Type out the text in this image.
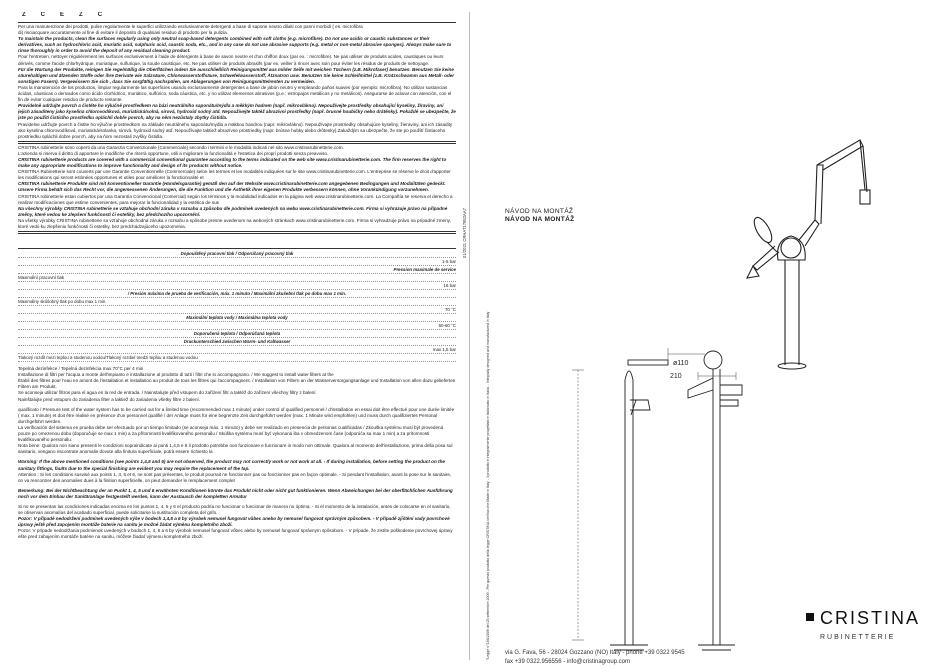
Z C E Z C

Per una manutenzione dei prodotti, pulire regolarmente le superfici utilizzando esclusivamente detergenti a base di sapone neutro diluiti con panni morbidi ( es. microfibra

di) risciacquare accuratamente al fine di evitare il deposito di qualsiasi residuo di prodotto per la pulizia.

To maintain the products, clean the surfaces regularly using only neutral soap-based detergents combined with soft cloths (e.g. microfibre). Do not use acidic or caustic substances or their derivatives, such as hydrochloric acid, muriatic acid, sulphuric acid, caustic soda, etc., and in any case do not use abrasive supports (e.g. metal or non-metal abrasive sponges). Always make sure to rinse thoroughly in order to avoid the deposit of any residual cleaning product.

Pour l'entretien, nettoyer régulièrement les surfaces exclusivement à l'aide de détergents à base de savon neutre et d'un chiffon doux (par ex. : microfibre). Ne pas utiliser de produits acides, caustiques ou leurs dérivés, comme l'acide chlorhydrique, muriatique, sulfurique, la soude caustique, etc. Ne pas utiliser de produits abrasifs (par ex. veiller à rincer avec soin pour éviter les résidus de produits de nettoyage.

Für die Wartung der Produkte, reinigen Sie regelmäßig die Oberflächen indem Sie ausschließlich Reinigungsmittel aus milder Seife mit weichen Tüchern (z.B. Mikrofaser) benutzen. Benutzen Sie keine säurehaltigen und ätzenden Stoffe oder ihre Derivate wie Salzsäure, Chlorwasserstoffsäure, Schwefelwasserstoff, Ätznatron usw. Benutzen Sie keine Schleifmittel (z.B. Kratzschwamm aus Metall- oder sonstigen Fasern). Vergewissern Sie sich , dass Sie sorgfältig nachspülen, um Ablagerungen von Reinigungsmittelresten zu vermeiden.

Para la manutención de los productos, limpiar regularmente las superficies usando exclusivamente detergentes a base de jabón neutro y empleando paños suaves (por ejemplo: microfibra). No utilizar sustancias ácidas, cáusticas o derivados como ácido clorhídrico, muriático, sulfúrico, soda cáustica, etc. y no utilizar elementos abrasivos (p.e.: estropajos metálicos y no metálicos). Asegurarse de aclarar con atención, con el fin de evitar cualquier residuo de producto restante.

Pravidelně udržujte povrch a čistěte ho výlučně prostředkem na bázi neutrálního saponátu/mýdla a měkkým hadrem (např. mikrovlákno). Nepoužívejte prostředky obsahující kyseliny, žíraviny, ani jejich zásaditeny jako kyselina chlorovodíková, muriatická/solná, sírová, hydroxid sodný atd. Nepoužívejte taktéž abrazivní prostředky (např. brusné houbičky nebo drátěnky). Pokaždé se ubezpečte, že jste po použití čisticího prostředku opláchli dobře povrch, aby na něm nezůstaly zbytky čistidla.

Pravidelne udržujte povrch a čistite ho výlučne prostriedkom na základe neutrálneho saponátu/mydla a mäkkou handrou (napr. mikrovlákno). Nepoužívajte prostriedky obsahujúce kyseliny, žieraviny, ani ich zásadity ako kyselina chlorovodíková, muriatická/solanka, sírová, hydroxid sodný atď. Nepoužívajte taktiež abrazívne prostriedky (napr. brúsne hubky alebo drôtenky).Zakaždým sa ubezpečte, že ste po použití čistiaceho prostriedku opláchli dobre povrch, aby na ňom nezostali zvyšky čistidla.

CRISTINA rubinetterie sono coperti da una Garanzia Convenzionale (Commerciale) secondo i termini e le modalità indicati nel sito www.cristinarubinetterie.com.

L'azienda si riserva il diritto di apportare le modifiche che riterrà opportune, utili a migliorare la funzionalità e l'estetica dei propri prodotti senza preavviso.

CRISTINA rubinetterie products are covered with a commercial conventional guarantee according to the terms indicated on the web site www.cristinarubinetterie.com. The firm reserves the right to make any appropriate modifications to improve functionality and design of its products without notice.

CRISTINA Rubinetterie sont couverts par une Garantie Conventionnelle (Commerciale) selon les termes et les modalités indiquées sur le site www.cristinarubinetterie.com. L'entreprise se réserve le droit d'apporter les modifications qui seront estimées opportunes et utiles pour améliorer la fonctionnalité et

CRISTINA rubinetterie Produkte sind mit konventioneller Garantie (Handelsgarantie) gemäß den auf der Website www.cristinarubinetterie.com angegebenen Bedingungen und Modalitäten gedeckt. Unsere Firma behält sich das Recht vor, die angemessenen Änderungen, die die Funktion und die Ästhetik ihrer eigenen Produkte verbessern können, ohne Vorankündigung vorzunehmen.

CRISTINA rubinetterie estan cubiertos por una Garantía Convencional (Comercial) según los términos y la modalidad indicados en la página web www.cristinarubinetterie.com. La Compañía se reserva el derecho a realizar modificaciones que estime convenientes, para mejorar la funcionalidad y la estética de sus

Na všechny výrobky CRISTINA rubinetterie se vztahuje obchodní záruka v rozsahu a způsobu dle podmínek uvedených na webu www.cristinarubinetterie.com. Firma si vyhrazuje právo na případné změny, které vedou ke zlepšení funkčnosti či estetiky, bez předchozího upozornění.

Na všetky výrobky CRISTINA rubinetterie sa vzťahuje obchodná záruka v rozsahu a spôsobe presne uvedenom na webových stránkach www.cristinarubinetterie.com. Firma si vyhradzuje právo na prípadné zmeny, ktoré vedú ku zlepšeniu funkčnosti či estetiky, bez predchádzajúceho upozornenia.

Dopouštěný pracovní tlak / Odporúčaný pracovný tlak
1-5 bar
Pression maximale de service
Maximální pracovní tlak
16 bar
/ Presión máxima de prueba de verificación, máx. 1 minuto / Maximální zkušební tlak po dobu max 1 min.
Maximálny skúšobný tlak po dobu max 1 min.
70 °C
Maximální teplota vody / Maximálna teplota vody
50-60 °C
Doporučená teplota / Odporúčaná teplota
Druckunterschied zwischen Warm- und Kaltwasser
max 1,5 bar
Tlakový rozdíl mezi teplou a studenou vodou/Tlakový rozdiel medzi teplou a studenou vodou

Tepelná dezinfekce / Tepelná dezinfekcia max 70°C per 4 min

Installazione di filtri per l'acqua a monte dell'impianto e installazione al prodotto di tutti i filtri che lo accompagnano. / We suggest to install water filters at the

Établi des filtres pour l'eau en amont de l'installation et installation au produit de tous les filtres qui l'accompagnent. / Installation von Filtern an der Wasserversorgungsanlage und Installation von allen dazu gelieferten Filtern am Produkt.

Se aconseja utilizar filtros para el agua en la red de entrada. / Nainstalujte před vstupem do zařízení filtr a taktéž do zařízení všechny filtry z balení.

Nainštalujte pred vstupom do zariadenia filter a taktiež do zariadenia všetky filtre z balení.

qualificato / Pressure test of the water system has to be carried out for a limited time (recommended max 1 minute) under control of qualified personnel / d'installation en essai doit être effectué pour une durée limitée ( max. 1 minute) et doit être réalisé en présence d'un personnel qualifié / der Anlage muss für eine begrenzte Zeit durchgeführt werden (max. 1 Minute wird empfohlen) und muss durch qualifiziertes Personal durchgeführt werden.

La verificación del sistema en prueba debe ser efectuado por un tiempo limitado (se aconseja máx. 1 minuto) y debe ser realizado en presencia de personas cualificadas / Zkouška systému musí být provedená pouze po omezenou dobu (doporučuje se max 1 min) a za přítomnosti kvalifikovaného personálu / Skúška systému musí byť vykonaná iba v obmedzenom čase (odporúča sa max 1 min) a za prítomnosti kvalifikovaného personálu.

Nota bene: Qualora non siano presenti le condizioni sopraindicate ai punti 1,4,5 e 6 il prodotto potrebbe non funzionare e funzionare in modo non ottimale. Qualora al momento dell'installazione, prima della posa sul sanitario, vengano riscontrate anomalie dovute alla finitura superficiale, potrà essere richiesto la

Warning: If the above mentioned conditions (see points 1,4,5 and 6) are not observed, the product may not correctly work or not work at all. - If during installation, before setting the product on the sanitary fittings, faults due to the special finishing are evident you may require the replacement of the tap.

Attention : Si les conditions susvisé aux points 1, 4, 5 et 6, ne sont pas présentes, le produit pourrait ne fonctionner pas ou fonctionner pas en façon optimale. - Si pendant l'installation, avant la pose sur le sanitaire, on va rencontrer des anomalies dues à la finition superficielle, on peut demander le remplacement complet

Bemerkung: Bei der Nichtbeachtung der an Punkt 1, 4, 5 und 6 erwähnten Konditionen könnte das Produkt nicht oder nicht gut funktionieren. Wenn Abweichungen bei der oberflächlichen Ausführung noch vor dem Einbau der Sanitäranlage festgestellt werden, kann der Austausch der kompletten Armatur

Si no se presentan las condiciones indicadas encima en los puntos 1, 4, 5 y 6 el producto podría no funcionar o funcionar de manera no óptima; - Si el momento de la instalación, antes de colocarse en el sanitario, se observan anomalías del acabado superficial, puede solicitarse la sustitución completa del grifo.

Pozor: V případě nedodržení podmínek uvedených výše v bodech 1,4,5 a 6 by výrobek nemusel fungovat vůbec anebo by nemusel fungovat správným způsobem. - V případě zjištění vady povrchové úpravy ještě před zapojením montáže baterie na sanitu je možné žádat výměnu kompletního zboží.

Pozor: V prípade nedodržania podmienok uvedených v bodoch 1, 4, 5 a 6 by výrobok nemusel fungovať vôbec alebo by nemusel fungovať správnym spôsobom. - V prípade, že zistíte poškodenie povrchovej úpravy ešte pred zabajením montáže batérie na sanitu, môžete žiadať výmenu kompletného zboží.

01/2021 CRHAT17852AA7
"Legge n°166/2009 del 25 settembre 2009 - Per questo prodotto della legge CRISTINA verifica che Made in Italy - il prodotto è integralmente progettato e fabbricato in Italia... Integrally designed and manufactured in Italy
NÁVOD NA MONTÁŽ
NÁVOD NA MONTÁŽ
ø110
210
via G. Fava, 56 - 28024 Gozzano (NO) Italy - phone +39 0322 9545
fax +39 0322.956556 - info@cristinagroup.com
CRISTINA
RUBINETTERIE
